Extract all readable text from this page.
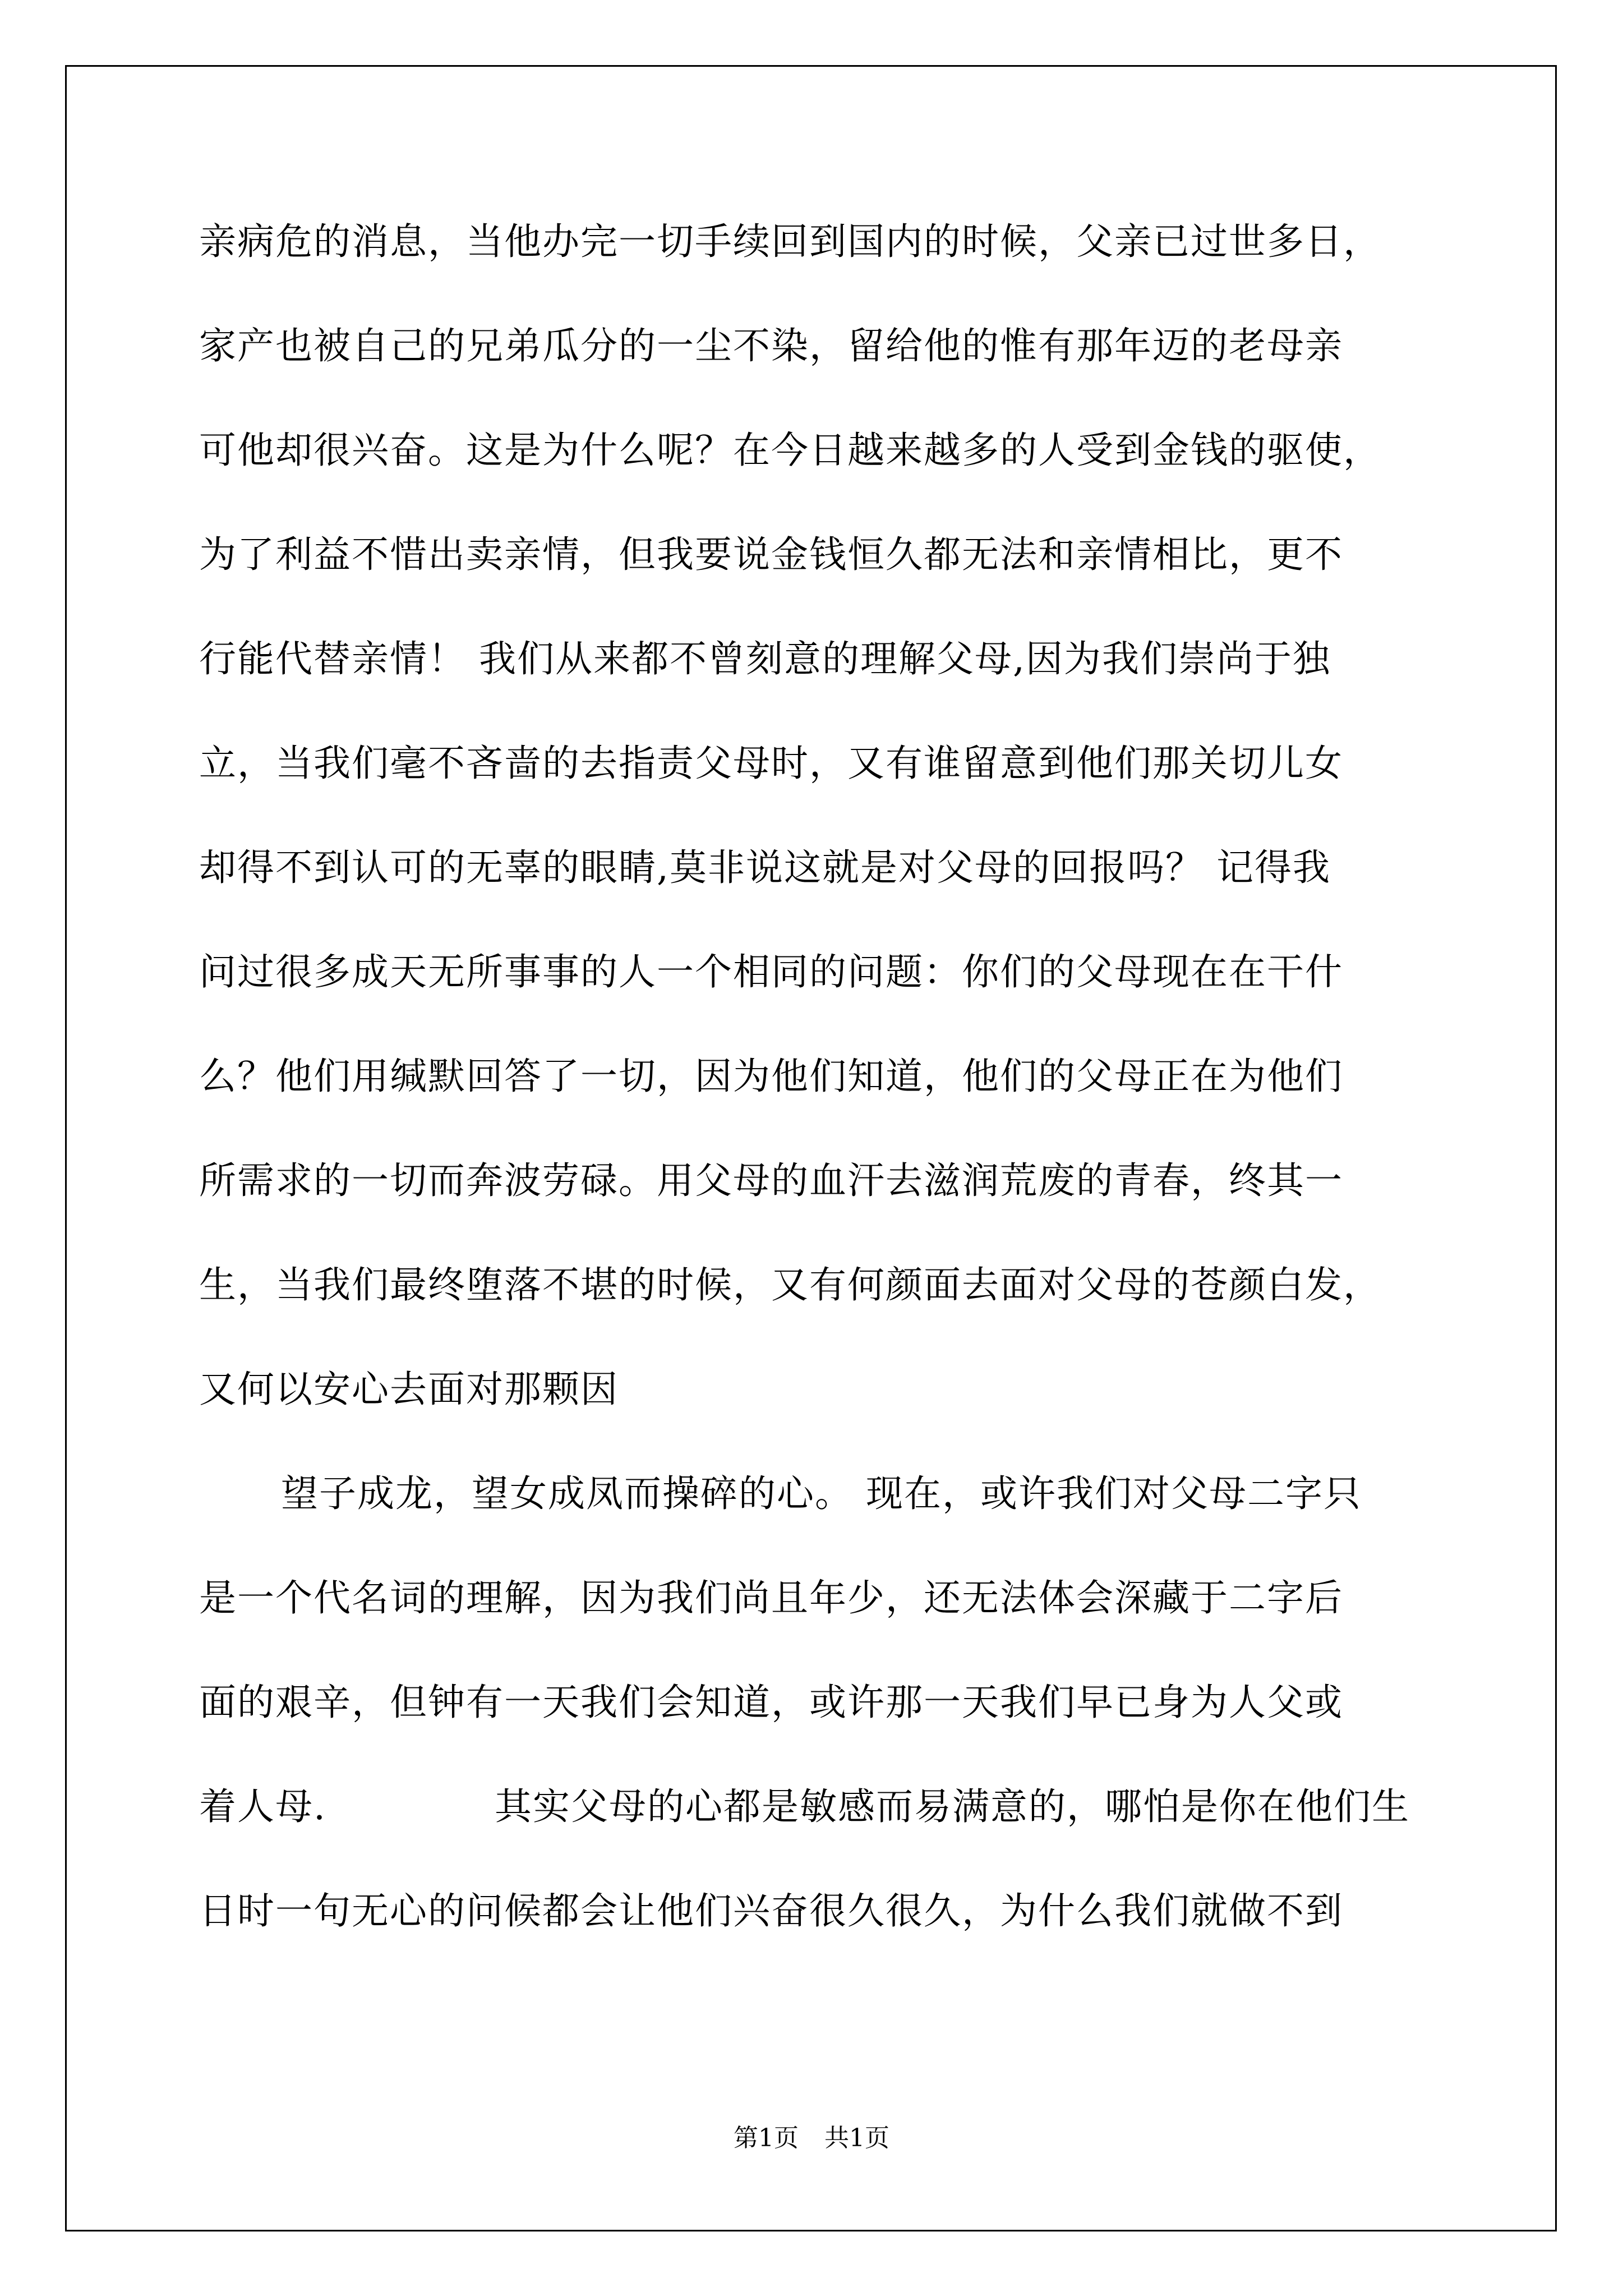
亲病危的消息，当他办完一切手续回到国内的时候，父亲已过世多日，
家产也被自己的兄弟瓜分的一尘不染，留给他的惟有那年迈的老母亲
可他却很兴奋。这是为什么呢？在今日越来越多的人受到金钱的驱使，
为了利益不惜出卖亲情，但我要说金钱恒久都无法和亲情相比，更不
行能代替亲情！ 我们从来都不曾刻意的理解父母,因为我们崇尚于独
立，当我们毫不吝啬的去指责父母时，又有谁留意到他们那关切儿女
却得不到认可的无辜的眼睛,莫非说这就是对父母的回报吗？ 记得我
问过很多成天无所事事的人一个相同的问题：你们的父母现在在干什
么？他们用缄默回答了一切，因为他们知道，他们的父母正在为他们
所需求的一切而奔波劳碌。用父母的血汗去滋润荒废的青春，终其一
生，当我们最终堕落不堪的时候，又有何颜面去面对父母的苍颜白发，
又何以安心去面对那颗因
望子成龙，望女成凤而操碎的心。 现在，或许我们对父母二字只
是一个代名词的理解，因为我们尚且年少，还无法体会深藏于二字后
面的艰辛，但钟有一天我们会知道，或许那一天我们早已身为人父或
着人母.	其实父母的心都是敏感而易满意的，哪怕是你在他们生
日时一句无心的问候都会让他们兴奋很久很久，为什么我们就做不到
第1页 共1页
